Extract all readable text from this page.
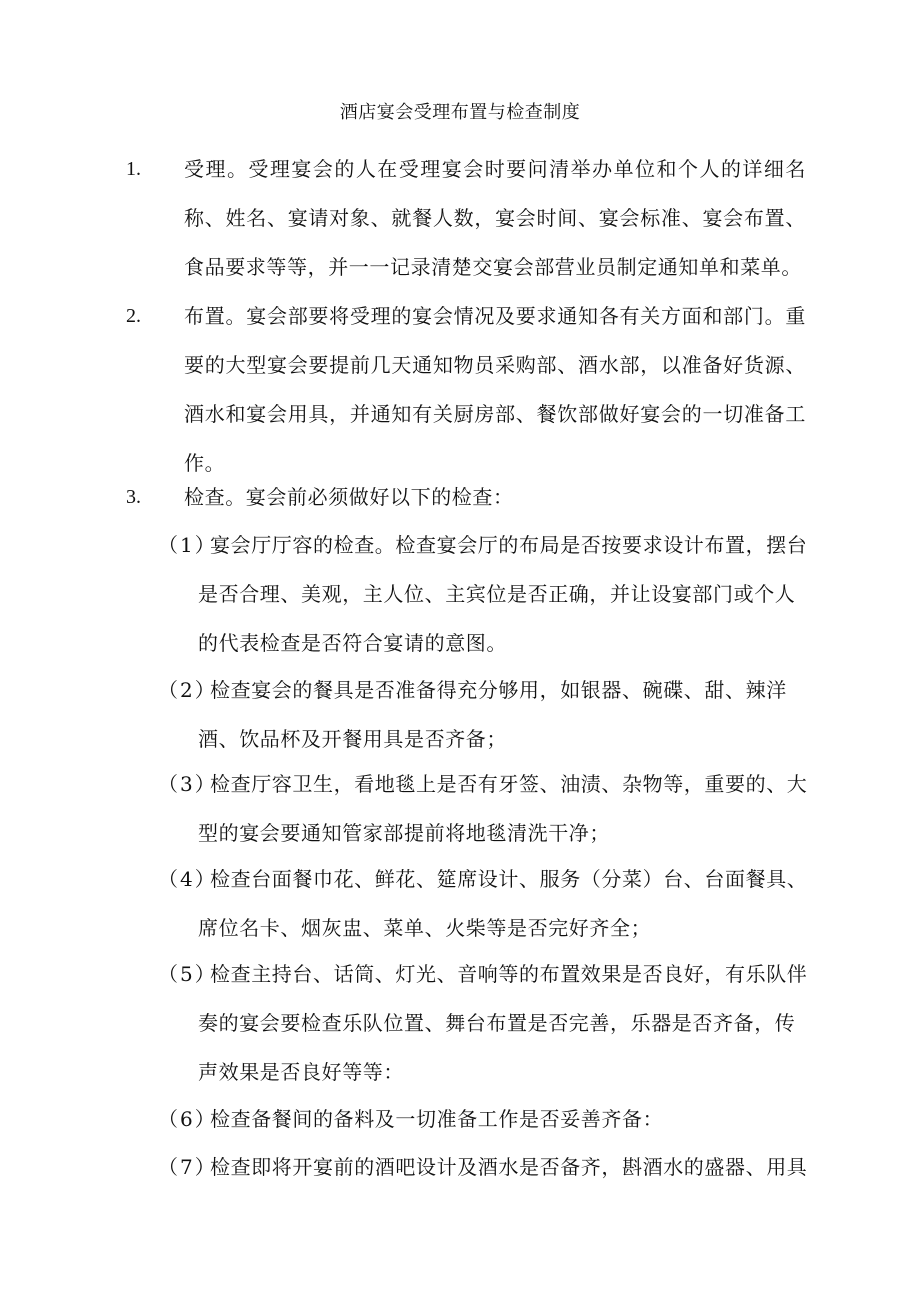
酒店宴会受理布置与检查制度
1. 受理。受理宴会的人在受理宴会时要问清举办单位和个人的详细名称、姓名、宴请对象、就餐人数，宴会时间、宴会标准、宴会布置、食品要求等等，并一一记录清楚交宴会部营业员制定通知单和菜单。
2. 布置。宴会部要将受理的宴会情况及要求通知各有关方面和部门。重要的大型宴会要提前几天通知物员采购部、酒水部，以准备好货源、酒水和宴会用具，并通知有关厨房部、餐饮部做好宴会的一切准备工作。
3. 检查。宴会前必须做好以下的检查：
（1）
宴会厅厅容的检查。检查宴会厅的布局是否按要求设计布置，摆台是否合理、美观，主人位、主宾位是否正确，并让设宴部门或个人的代表检查是否符合宴请的意图。
（2）
检查宴会的餐具是否准备得充分够用，如银器、碗碟、甜、辣洋酒、饮品杯及开餐用具是否齐备；
（3）
检查厅容卫生，看地毯上是否有牙签、油渍、杂物等，重要的、大型的宴会要通知管家部提前将地毯清洗干净；
（4）
检查台面餐巾花、鲜花、筵席设计、服务（分菜）台、台面餐具、席位名卡、烟灰盅、菜单、火柴等是否完好齐全；
（5）
检查主持台、话筒、灯光、音响等的布置效果是否良好，有乐队伴奏的宴会要检查乐队位置、舞台布置是否完善，乐器是否齐备，传声效果是否良好等等：
（6）
检查备餐间的备料及一切准备工作是否妥善齐备：
（7）
检查即将开宴前的酒吧设计及酒水是否备齐，斟酒水的盛器、用具
